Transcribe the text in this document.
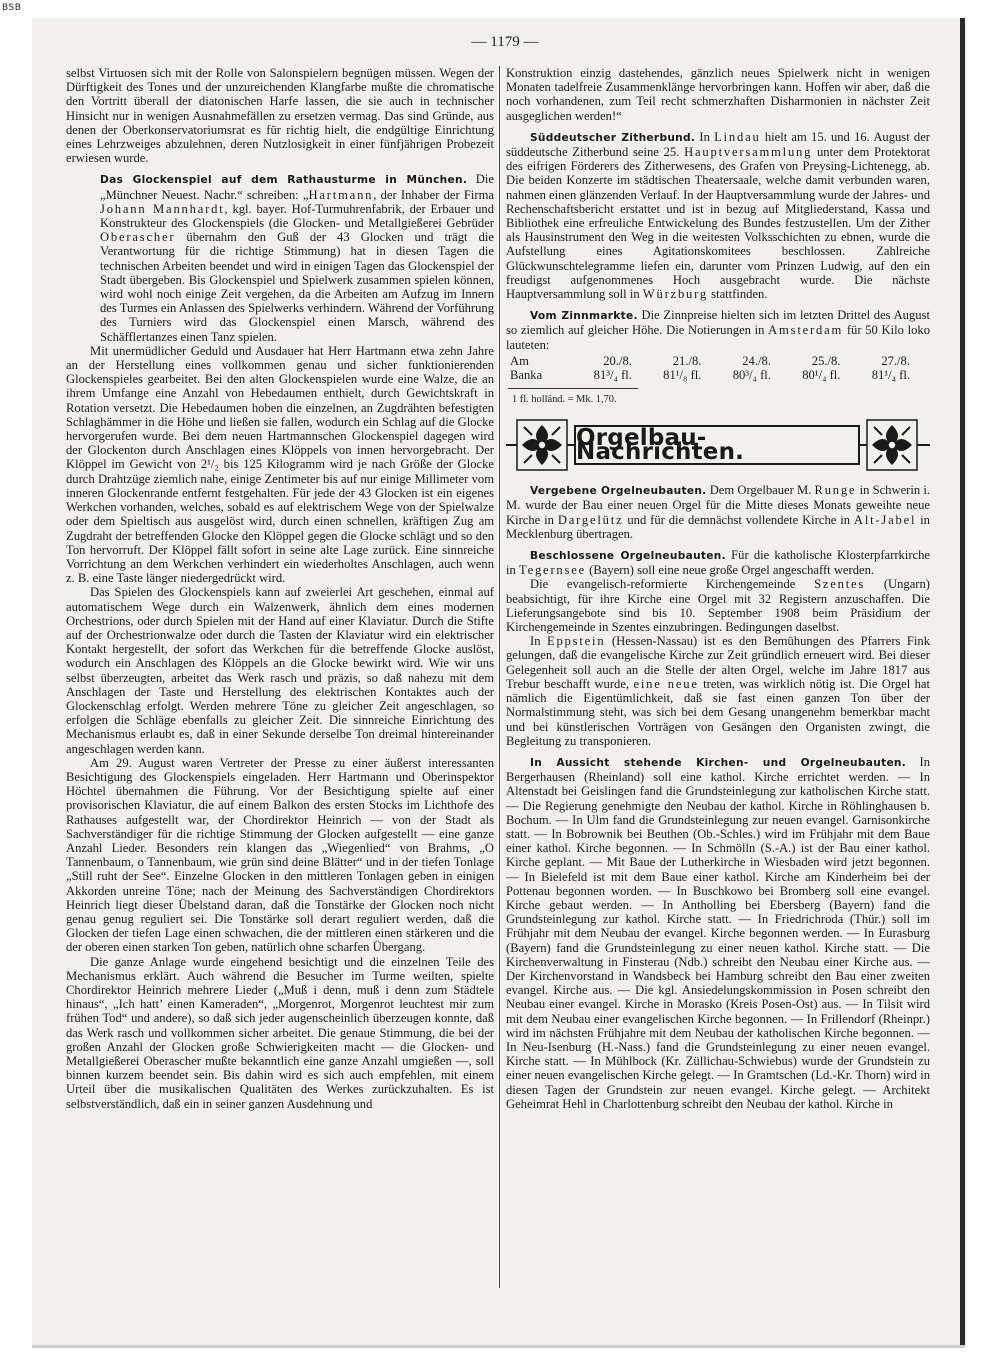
BSB
— 1179 —

selbst Virtuosen sich mit der Rolle von Salonspielern begnügen müssen. Wegen der Dürftigkeit des Tones und der unzureichenden Klangfarbe mußte die chromatische den Vortritt überall der diatonischen Harfe lassen, die sie auch in technischer Hinsicht nur in wenigen Ausnahmefällen zu ersetzen vermag. Das sind Gründe, aus denen der Oberkonservatoriumsrat es für richtig hielt, die endgültige Einrichtung eines Lehrzweiges abzulehnen, deren Nutzlosigkeit in einer fünfjährigen Probezeit erwiesen wurde.

Das Glockenspiel auf dem Rathausturme in München. Die „Münchner Neuest. Nachr.“ schreiben: „Hartmann, der Inhaber der Firma Johann Mannhardt, kgl. bayer. Hof-Turmuhrenfabrik, der Erbauer und Konstrukteur des Glockenspiels (die Glocken- und Metallgießerei Gebrüder Oberascher übernahm den Guß der 43 Glocken und trägt die Verantwortung für die richtige Stimmung) hat in diesen Tagen die technischen Arbeiten beendet und wird in einigen Tagen das Glockenspiel der Stadt übergeben. Bis Glockenspiel und Spielwerk zusammen spielen können, wird wohl noch einige Zeit vergehen, da die Arbeiten am Aufzug im Innern des Turmes ein Anlassen des Spielwerks verhindern. Während der Vorführung des Turniers wird das Glockenspiel einen Marsch, während des Schäfflertanzes einen Tanz spielen.

Mit unermüdlicher Geduld und Ausdauer hat Herr Hartmann etwa zehn Jahre an der Herstellung eines vollkommen genau und sicher funktionierenden Glockenspieles gearbeitet. Bei den alten Glockenspielen wurde eine Walze, die an ihrem Umfange eine Anzahl von Hebedaumen enthielt, durch Gewichtskraft in Rotation versetzt. Die Hebedaumen hoben die einzelnen, an Zugdrähten befestigten Schlaghämmer in die Höhe und ließen sie fallen, wodurch ein Schlag auf die Glocke hervorgerufen wurde. Bei dem neuen Hartmannschen Glockenspiel dagegen wird der Glockenton durch Anschlagen eines Klöppels von innen hervorgebracht. Der Klöppel im Gewicht von 2¹/₂ bis 125 Kilogramm wird je nach Größe der Glocke durch Drahtzüge ziemlich nahe, einige Zentimeter bis auf nur einige Millimeter vom inneren Glockenrande entfernt festgehalten. Für jede der 43 Glocken ist ein eigenes Werkchen vorhanden, welches, sobald es auf elektrischem Wege von der Spielwalze oder dem Spieltisch aus ausgelöst wird, durch einen schnellen, kräftigen Zug am Zugdraht der betreffenden Glocke den Klöppel gegen die Glocke schlägt und so den Ton hervorruft. Der Klöppel fällt sofort in seine alte Lage zurück. Eine sinnreiche Vorrichtung an dem Werkchen verhindert ein wiederholtes Anschlagen, auch wenn z. B. eine Taste länger niedergedrückt wird.

Das Spielen des Glockenspiels kann auf zweierlei Art geschehen, einmal auf automatischem Wege durch ein Walzenwerk, ähnlich dem eines modernen Orchestrions, oder durch Spielen mit der Hand auf einer Klaviatur. Durch die Stifte auf der Orchestrionwalze oder durch die Tasten der Klaviatur wird ein elektrischer Kontakt hergestellt, der sofort das Werkchen für die betreffende Glocke auslöst, wodurch ein Anschlagen des Klöppels an die Glocke bewirkt wird. Wie wir uns selbst überzeugten, arbeitet das Werk rasch und präzis, so daß nahezu mit dem Anschlagen der Taste und Herstellung des elektrischen Kontaktes auch der Glockenschlag erfolgt. Werden mehrere Töne zu gleicher Zeit angeschlagen, so erfolgen die Schläge ebenfalls zu gleicher Zeit. Die sinnreiche Einrichtung des Mechanismus erlaubt es, daß in einer Sekunde derselbe Ton dreimal hintereinander angeschlagen werden kann.

Am 29. August waren Vertreter der Presse zu einer äußerst interessanten Besichtigung des Glockenspiels eingeladen. Herr Hartmann und Oberinspektor Höchtel übernahmen die Führung. Vor der Besichtigung spielte auf einer provisorischen Klaviatur, die auf einem Balkon des ersten Stocks im Lichthofe des Rathauses aufgestellt war, der Chordirektor Heinrich — von der Stadt als Sachverständiger für die richtige Stimmung der Glocken aufgestellt — eine ganze Anzahl Lieder. Besonders rein klangen das „Wiegenlied“ von Brahms, „O Tannenbaum, o Tannenbaum, wie grün sind deine Blätter“ und in der tiefen Tonlage „Still ruht der See“. Einzelne Glocken in den mittleren Tonlagen geben in einigen Akkorden unreine Töne; nach der Meinung des Sachverständigen Chordirektors Heinrich liegt dieser Übelstand daran, daß die Tonstärke der Glocken noch nicht genau genug reguliert sei. Die Tonstärke soll derart reguliert werden, daß die Glocken der tiefen Lage einen schwachen, die der mittleren einen stärkeren und die der oberen einen starken Ton geben, natürlich ohne scharfen Übergang.

Die ganze Anlage wurde eingehend besichtigt und die einzelnen Teile des Mechanismus erklärt. Auch während die Besucher im Turme weilten, spielte Chordirektor Heinrich mehrere Lieder („Muß i denn, muß i denn zum Städtele hinaus“, „Ich hatt’ einen Kameraden“, „Morgenrot, Morgenrot leuchtest mir zum frühen Tod“ und andere), so daß sich jeder augenscheinlich überzeugen konnte, daß das Werk rasch und vollkommen sicher arbeitet. Die genaue Stimmung, die bei der großen Anzahl der Glocken große Schwierigkeiten macht — die Glocken- und Metallgießerei Oberascher mußte bekanntlich eine ganze Anzahl umgießen —, soll binnen kurzem beendet sein. Bis dahin wird es sich auch empfehlen, mit einem Urteil über die musikalischen Qualitäten des Werkes zurückzuhalten. Es ist selbstverständlich, daß ein in seiner ganzen Ausdehnung und

Konstruktion einzig dastehendes, gänzlich neues Spielwerk nicht in wenigen Monaten tadelfreie Zusammenklänge hervorbringen kann. Hoffen wir aber, daß die noch vorhandenen, zum Teil recht schmerzhaften Disharmonien in nächster Zeit ausgeglichen werden!“

Süddeutscher Zitherbund. In Lindau hielt am 15. und 16. August der süddeutsche Zitherbund seine 25. Hauptversammlung unter dem Protektorat des eifrigen Förderers des Zitherwesens, des Grafen von Preysing-Lichtenegg, ab. Die beiden Konzerte im städtischen Theatersaale, welche damit verbunden waren, nahmen einen glänzenden Verlauf. In der Hauptversammlung wurde der Jahres- und Rechenschaftsbericht erstattet und ist in bezug auf Mitgliederstand, Kassa und Bibliothek eine erfreuliche Entwickelung des Bundes festzustellen. Um der Zither als Hausinstrument den Weg in die weitesten Volksschichten zu ebnen, wurde die Aufstellung eines Agitationskomitees beschlossen. Zahlreiche Glückwunschtelegramme liefen ein, darunter vom Prinzen Ludwig, auf den ein freudigst aufgenommenes Hoch ausgebracht wurde. Die nächste Hauptversammlung soll in Würzburg stattfinden.

Vom Zinnmarkte. Die Zinnpreise hielten sich im letzten Drittel des August so ziemlich auf gleicher Höhe. Die Notierungen in Amsterdam für 50 Kilo loko lauteten:

Am	20./8.	21./8.	24./8.	25./8.	27./8.
Banka	81³/₄ fl.	81¹/₈ fl.	80³/₄ fl.	80¹/₄ fl.	81¹/₄ fl.
1 fl. holländ. = Mk. 1,70.
Orgelbau-Nachrichten.

Vergebene Orgelneubauten. Dem Orgelbauer M. Runge in Schwerin i. M. wurde der Bau einer neuen Orgel für die Mitte dieses Monats geweihte neue Kirche in Dargelütz und für die demnächst vollendete Kirche in Alt-Jabel in Mecklenburg übertragen.

Beschlossene Orgelneubauten. Für die katholische Klosterpfarrkirche in Tegernsee (Bayern) soll eine neue große Orgel angeschafft werden.

Die evangelisch-reformierte Kirchengemeinde Szentes (Ungarn) beabsichtigt, für ihre Kirche eine Orgel mit 32 Registern anzuschaffen. Die Lieferungsangebote sind bis 10. September 1908 beim Präsidium der Kirchengemeinde in Szentes einzubringen. Bedingungen daselbst.

In Eppstein (Hessen-Nassau) ist es den Bemühungen des Pfarrers Fink gelungen, daß die evangelische Kirche zur Zeit gründlich erneuert wird. Bei dieser Gelegenheit soll auch an die Stelle der alten Orgel, welche im Jahre 1817 aus Trebur beschafft wurde, eine neue treten, was wirklich nötig ist. Die Orgel hat nämlich die Eigentümlichkeit, daß sie fast einen ganzen Ton über der Normalstimmung steht, was sich bei dem Gesang unangenehm bemerkbar macht und bei künstlerischen Vorträgen von Gesängen den Organisten zwingt, die Begleitung zu transponieren.

In Aussicht stehende Kirchen- und Orgelneubauten. In Bergerhausen (Rheinland) soll eine kathol. Kirche errichtet werden. — In Altenstadt bei Geislingen fand die Grundsteinlegung zur katholischen Kirche statt. — Die Regierung genehmigte den Neubau der kathol. Kirche in Röhlinghausen b. Bochum. — In Ulm fand die Grundsteinlegung zur neuen evangel. Garnisonkirche statt. — In Bobrownik bei Beuthen (Ob.-Schles.) wird im Frühjahr mit dem Baue einer kathol. Kirche begonnen. — In Schmölln (S.-A.) ist der Bau einer kathol. Kirche geplant. — Mit Baue der Lutherkirche in Wiesbaden wird jetzt begonnen. — In Bielefeld ist mit dem Baue einer kathol. Kirche am Kinderheim bei der Pottenau begonnen worden. — In Buschkowo bei Bromberg soll eine evangel. Kirche gebaut werden. — In Antholling bei Ebersberg (Bayern) fand die Grundsteinlegung zur kathol. Kirche statt. — In Friedrichroda (Thür.) soll im Frühjahr mit dem Neubau der evangel. Kirche begonnen werden. — In Eurasburg (Bayern) fand die Grundsteinlegung zu einer neuen kathol. Kirche statt. — Die Kirchenverwaltung in Finsterau (Ndb.) schreibt den Neubau einer Kirche aus. — Der Kirchenvorstand in Wandsbeck bei Hamburg schreibt den Bau einer zweiten evangel. Kirche aus. — Die kgl. Ansiedelungskommission in Posen schreibt den Neubau einer evangel. Kirche in Morasko (Kreis Posen-Ost) aus. — In Tilsit wird mit dem Neubau einer evangelischen Kirche begonnen. — In Frillendorf (Rheinpr.) wird im nächsten Frühjahre mit dem Neubau der katholischen Kirche begonnen. — In Neu-Isenburg (H.-Nass.) fand die Grundsteinlegung zu einer neuen evangel. Kirche statt. — In Mühlbock (Kr. Züllichau-Schwiebus) wurde der Grundstein zu einer neuen evangelischen Kirche gelegt. — In Gramtschen (Ld.-Kr. Thorn) wird in diesen Tagen der Grundstein zur neuen evangel. Kirche gelegt. — Architekt Geheimrat Hehl in Charlottenburg schreibt den Neubau der kathol. Kirche in
